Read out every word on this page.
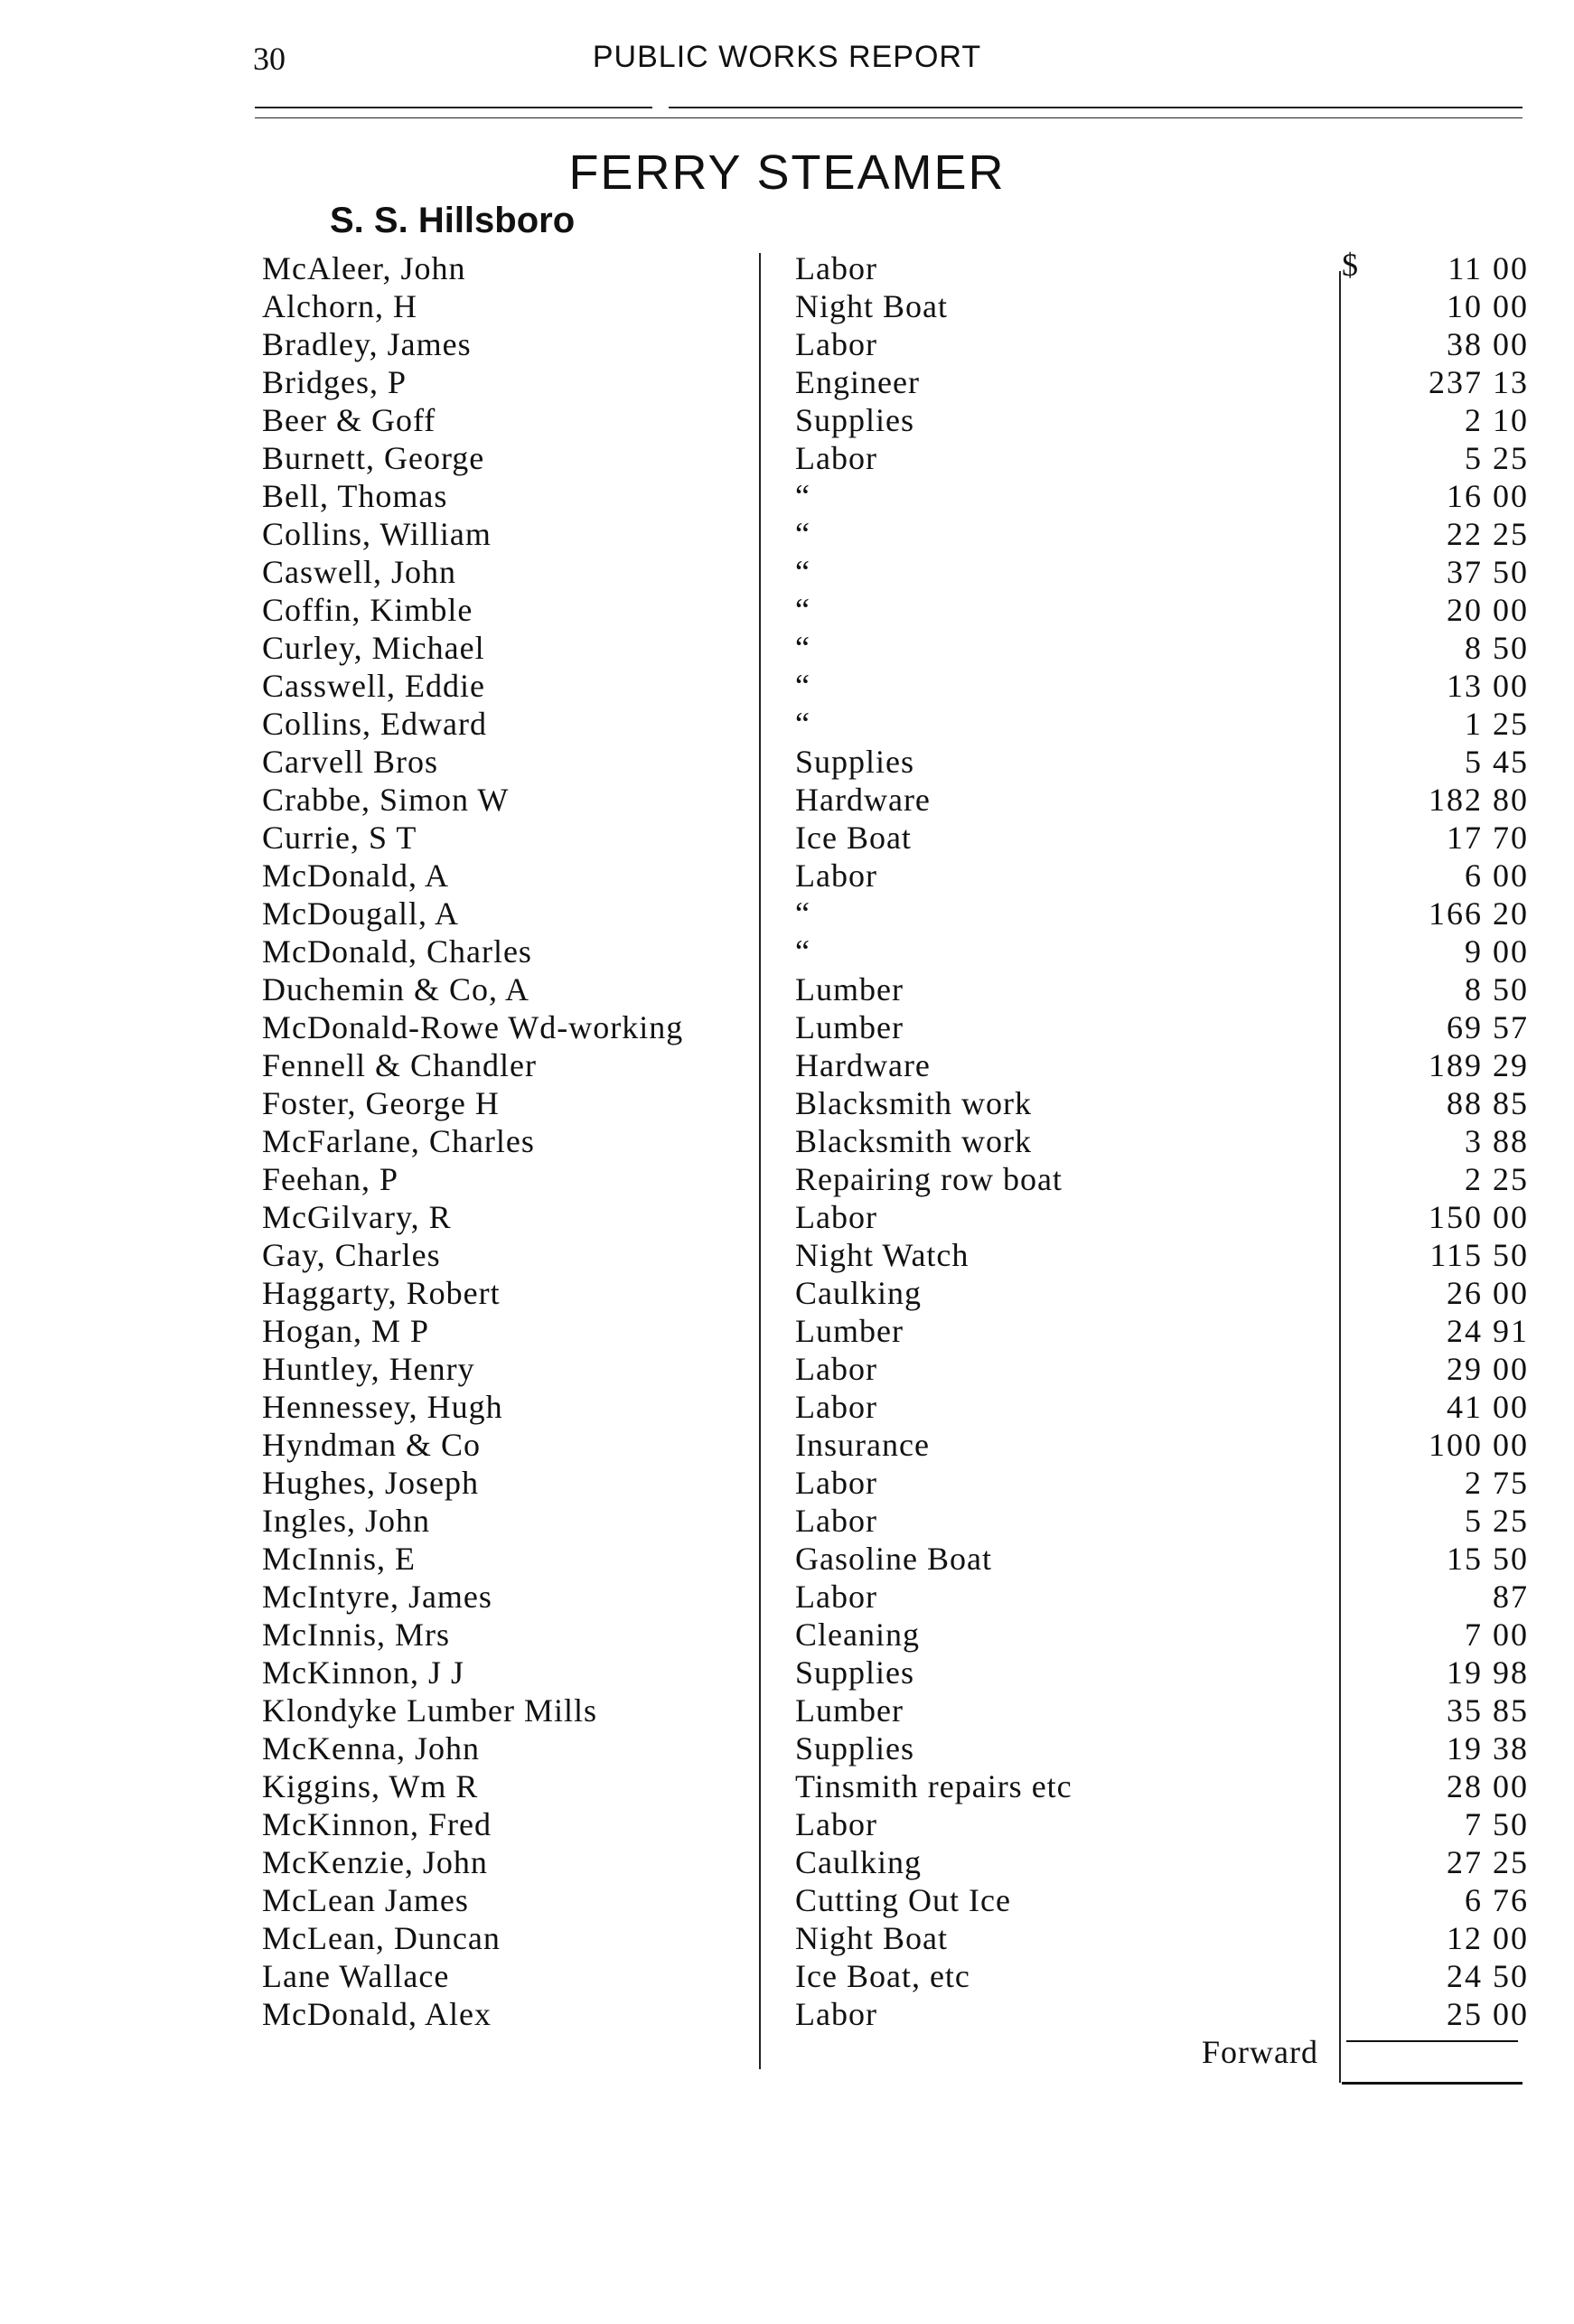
30	PUBLIC WORKS REPORT
FERRY STEAMER
S. S. Hillsboro
$
McAleer, John	Labor	11 00
Alchorn, H	Night Boat	10 00
Bradley, James	Labor	38 00
Bridges, P	Engineer	237 13
Beer & Goff	Supplies	2 10
Burnett, George	Labor	5 25
Bell, Thomas	“	16 00
Collins, William	“	22 25
Caswell, John	“	37 50
Coffin, Kimble	“	20 00
Curley, Michael	“	8 50
Casswell, Eddie	“	13 00
Collins, Edward	“	1 25
Carvell Bros	Supplies	5 45
Crabbe, Simon W	Hardware	182 80
Currie, S T	Ice Boat	17 70
McDonald, A	Labor	6 00
McDougall, A	“	166 20
McDonald, Charles	“	9 00
Duchemin & Co, A	Lumber	8 50
McDonald-Rowe Wd-working	Lumber	69 57
Fennell & Chandler	Hardware	189 29
Foster, George H	Blacksmith work	88 85
McFarlane, Charles	Blacksmith work	3 88
Feehan, P	Repairing row boat	2 25
McGilvary, R	Labor	150 00
Gay, Charles	Night Watch	115 50
Haggarty, Robert	Caulking	26 00
Hogan, M P	Lumber	24 91
Huntley, Henry	Labor	29 00
Hennessey, Hugh	Labor	41 00
Hyndman & Co	Insurance	100 00
Hughes, Joseph	Labor	2 75
Ingles, John	Labor	5 25
McInnis, E	Gasoline Boat	15 50
McIntyre, James	Labor	87
McInnis, Mrs	Cleaning	7 00
McKinnon, J J	Supplies	19 98
Klondyke Lumber Mills	Lumber	35 85
McKenna, John	Supplies	19 38
Kiggins, Wm R	Tinsmith repairs etc	28 00
McKinnon, Fred	Labor	7 50
McKenzie, John	Caulking	27 25
McLean James	Cutting Out Ice	6 76
McLean, Duncan	Night Boat	12 00
Lane Wallace	Ice Boat, etc	24 50
McDonald, Alex	Labor	25 00
Forward
